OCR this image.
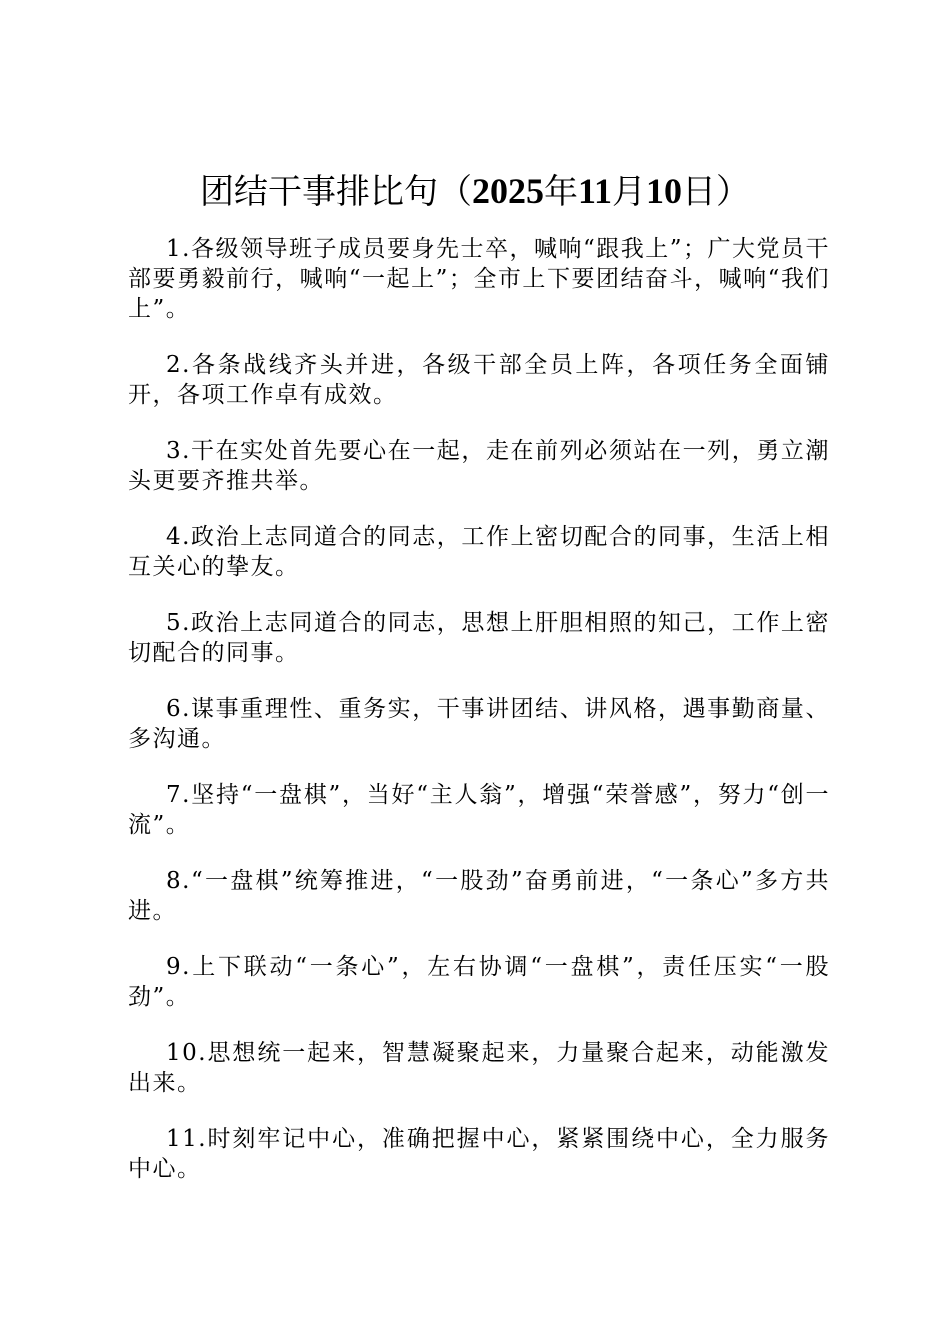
团结干事排比句（2025年11月10日）

1.各级领导班子成员要身先士卒，喊响“跟我上”；广大党员干部要勇毅前行，喊响“一起上”；全市上下要团结奋斗，喊响“我们上”。

2.各条战线齐头并进，各级干部全员上阵，各项任务全面铺开，各项工作卓有成效。

3.干在实处首先要心在一起，走在前列必须站在一列，勇立潮头更要齐推共举。

4.政治上志同道合的同志，工作上密切配合的同事，生活上相互关心的挚友。

5.政治上志同道合的同志，思想上肝胆相照的知己，工作上密切配合的同事。

6.谋事重理性、重务实，干事讲团结、讲风格，遇事勤商量、多沟通。

7.坚持“一盘棋”，当好“主人翁”，增强“荣誉感”，努力“创一流”。

8.“一盘棋”统筹推进，“一股劲”奋勇前进，“一条心”多方共进。

9.上下联动“一条心”，左右协调“一盘棋”，责任压实“一股劲”。

10.思想统一起来，智慧凝聚起来，力量聚合起来，动能激发出来。

11.时刻牢记中心，准确把握中心，紧紧围绕中心，全力服务中心。
